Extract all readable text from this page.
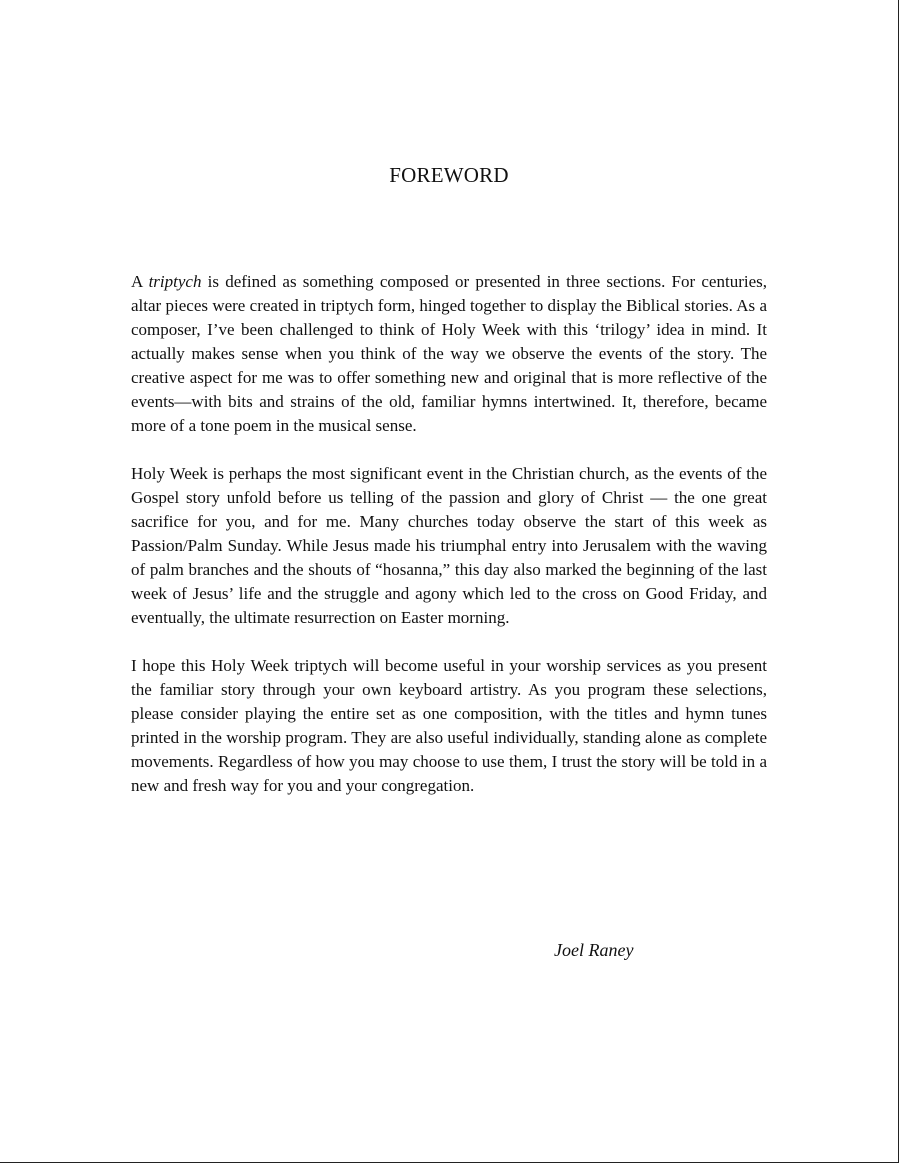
FOREWORD

A triptych is defined as something composed or presented in three sections. For centuries, altar pieces were created in triptych form, hinged together to display the Biblical stories. As a composer, I’ve been challenged to think of Holy Week with this ‘trilogy’ idea in mind. It actually makes sense when you think of the way we observe the events of the story. The creative aspect for me was to offer something new and original that is more reflective of the events—with bits and strains of the old, familiar hymns intertwined. It, therefore, became more of a tone poem in the musical sense.

Holy Week is perhaps the most significant event in the Christian church, as the events of the Gospel story unfold before us telling of the passion and glory of Christ — the one great sacrifice for you, and for me. Many churches today observe the start of this week as Passion/Palm Sunday. While Jesus made his triumphal entry into Jerusalem with the waving of palm branches and the shouts of “hosanna,” this day also marked the beginning of the last week of Jesus’ life and the struggle and agony which led to the cross on Good Friday, and eventually, the ultimate resurrection on Easter morning.

I hope this Holy Week triptych will become useful in your worship services as you present the familiar story through your own keyboard artistry. As you program these selections, please consider playing the entire set as one composition, with the titles and hymn tunes printed in the worship program. They are also useful individually, standing alone as complete movements. Regardless of how you may choose to use them, I trust the story will be told in a new and fresh way for you and your congregation.

Joel Raney
